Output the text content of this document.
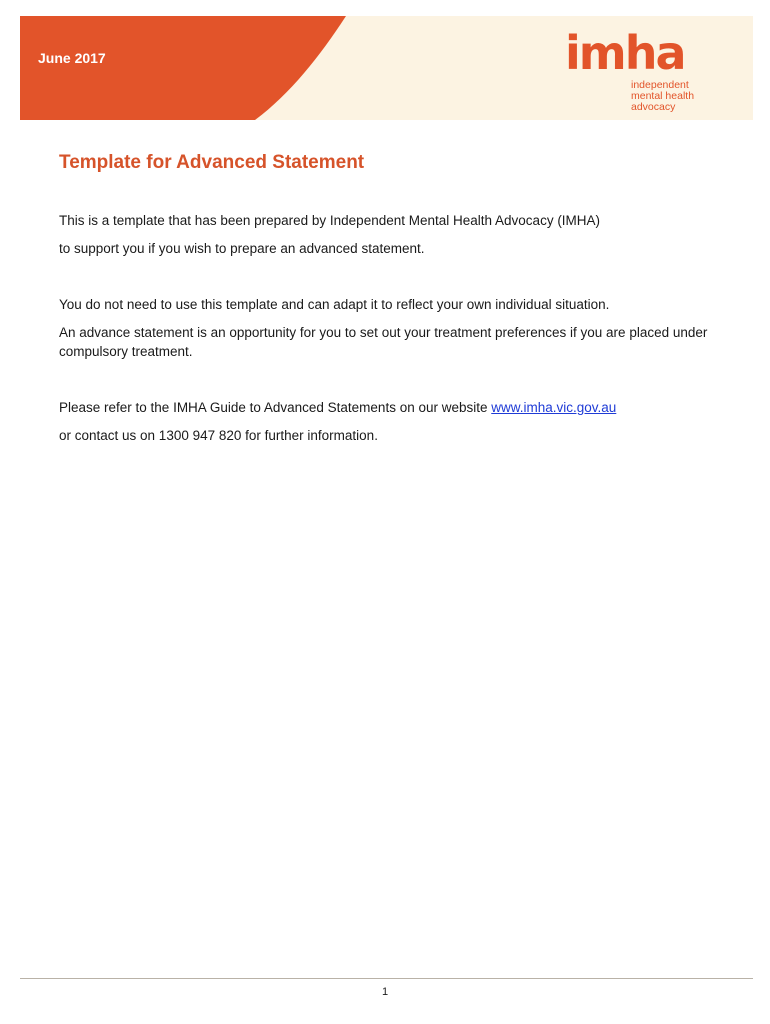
June 2017	imha
independent
mental health
advocacy
Template for Advanced Statement

This is a template that has been prepared by Independent Mental Health Advocacy (IMHA)

to support you if you wish to prepare an advanced statement.

You do not need to use this template and can adapt it to reflect your own individual situation.

An advance statement is an opportunity for you to set out your treatment preferences if you are placed under compulsory treatment.

Please refer to the IMHA Guide to Advanced Statements on our website www.imha.vic.gov.au

or contact us on 1300 947 820 for further information.

1
